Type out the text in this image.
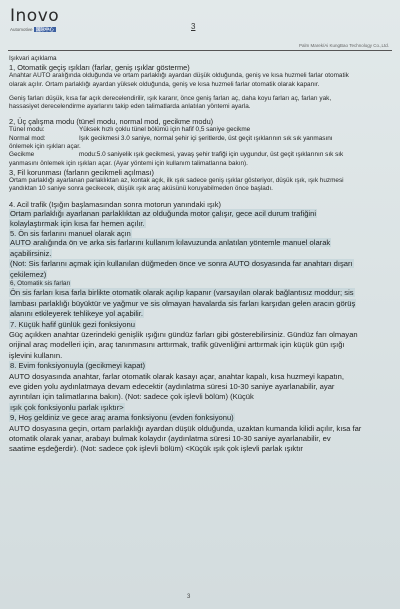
Inovo
Automotive 国际中心	3
Palm Marek/Ai KungBao Technology Co.,Ltd.
Işıkvari açıklama
1, Otomatik geçiş ışıkları (farlar, geniş ışıklar gösterme)
Anahtar AUTO aralığında olduğunda ve ortam parlaklığı ayardan düşük olduğunda, geniş ve kısa huzmeli farlar otomatik
olarak açılır. Ortam parlaklığı ayardan yüksek olduğunda, geniş ve kısa huzmeli farlar otomatik olarak kapanır.
Geniş farları düşük, kısa far açık derecelendirilir, ışık kararır, önce geniş farları aç, daha koyu farları aç, farları yak,
hassasiyet derecelendirme ayarlarını takip eden talimatlarda anlatılan yöntemi ayarla.
2, Üç çalışma modu (tünel modu, normal mod, gecikme modu)
Tünel modu:	Yüksek hızlı çoklu tünel bölümü için hafif 0,5 saniye gecikme
Normal mod:	Işık gecikmesi 3.0 saniye, normal şehir içi şeritlerde, üst geçit ışıklarının sık sık yanmasını
önlemek için ışıkları açar.
Gecikme	modu:5.0 saniyelik ışık gecikmesi, yavaş şehir trafiği için uygundur, üst geçit ışıklarının sık sık
yanmasını önlemek için ışıkları açar. (Ayar yöntemi için kullanım talimatlarına bakın).
3, Fil korunması (farların gecikmeli açılması)
Ortam parlaklığı ayarlanan parlaklıktan az, kontak açık, ilk ışık sadece geniş ışıklar gösteriyor, düşük ışık, ışık huzmesi
yandıktan 10 saniye sonra gecikecek, düşük ışık araç aküsünü koruyabilmeden önce başladı.
4. Acil trafik (Işığın başlamasından sonra motorun yanındaki ışık)
Ortam parlaklığı ayarlanan parlaklıktan az olduğunda motor çalışır, gece acil durum trafiğini
kolaylaştırmak için kısa far hemen açılır.
5. Ön sis farlarını manuel olarak açın
AUTO aralığında ön ve arka sis farlarını kullanım kılavuzunda anlatılan yöntemle manuel olarak
açabilirsiniz.
(Not: Sis farlarını açmak için kullanılan düğmeden önce ve sonra AUTO dosyasında far anahtarı dışarı
çekilemez)
6, Otomatik sis farları
Ön sis farları kısa farla birlikte otomatik olarak açılıp kapanır (varsayılan olarak bağlantısız moddur; sis
lambası parlaklığı büyüktür ve yağmur ve sis olmayan havalarda sis farları karşıdan gelen aracın görüş
alanını etkileyerek tehlikeye yol açabilir.
7. Küçük hafif günlük gezi fonksiyonu
Güç açıkken anahtar üzerindeki genişlik ışığını gündüz farları gibi gösterebilirsiniz. Gündüz farı olmayan
orijinal araç modelleri için, araç tanınmasını arttırmak, trafik güvenliğini arttırmak için küçük gün ışığı
işlevini kullanın.
8. Evim fonksiyonuyla (gecikmeyi kapat)
AUTO dosyasında anahtar, farlar otomatik olarak kasayı açar, anahtar kapalı, kısa huzmeyi kapatın,
eve giden yolu aydınlatmaya devam edecektir (aydınlatma süresi 10-30 saniye ayarlanabilir, ayar
ayrıntıları için talimatlarına bakın). (Not: sadece çok işlevli bölüm) (Küçük
ışık çok fonksiyonlu parlak ışıktır>
9, Hoş geldiniz ve gece araç arama fonksiyonu (evden fonksiyonu)
AUTO dosyasına geçin, ortam parlaklığı ayardan düşük olduğunda, uzaktan kumanda kilidi açılır, kısa far
otomatik olarak yanar, arabayı bulmak kolaydır (aydınlatma süresi 10-30 saniye ayarlanabilir, ev
saatime eşdeğerdir). (Not: sadece çok işlevli bölüm) <Küçük ışık çok işlevli parlak ışıktır
3
